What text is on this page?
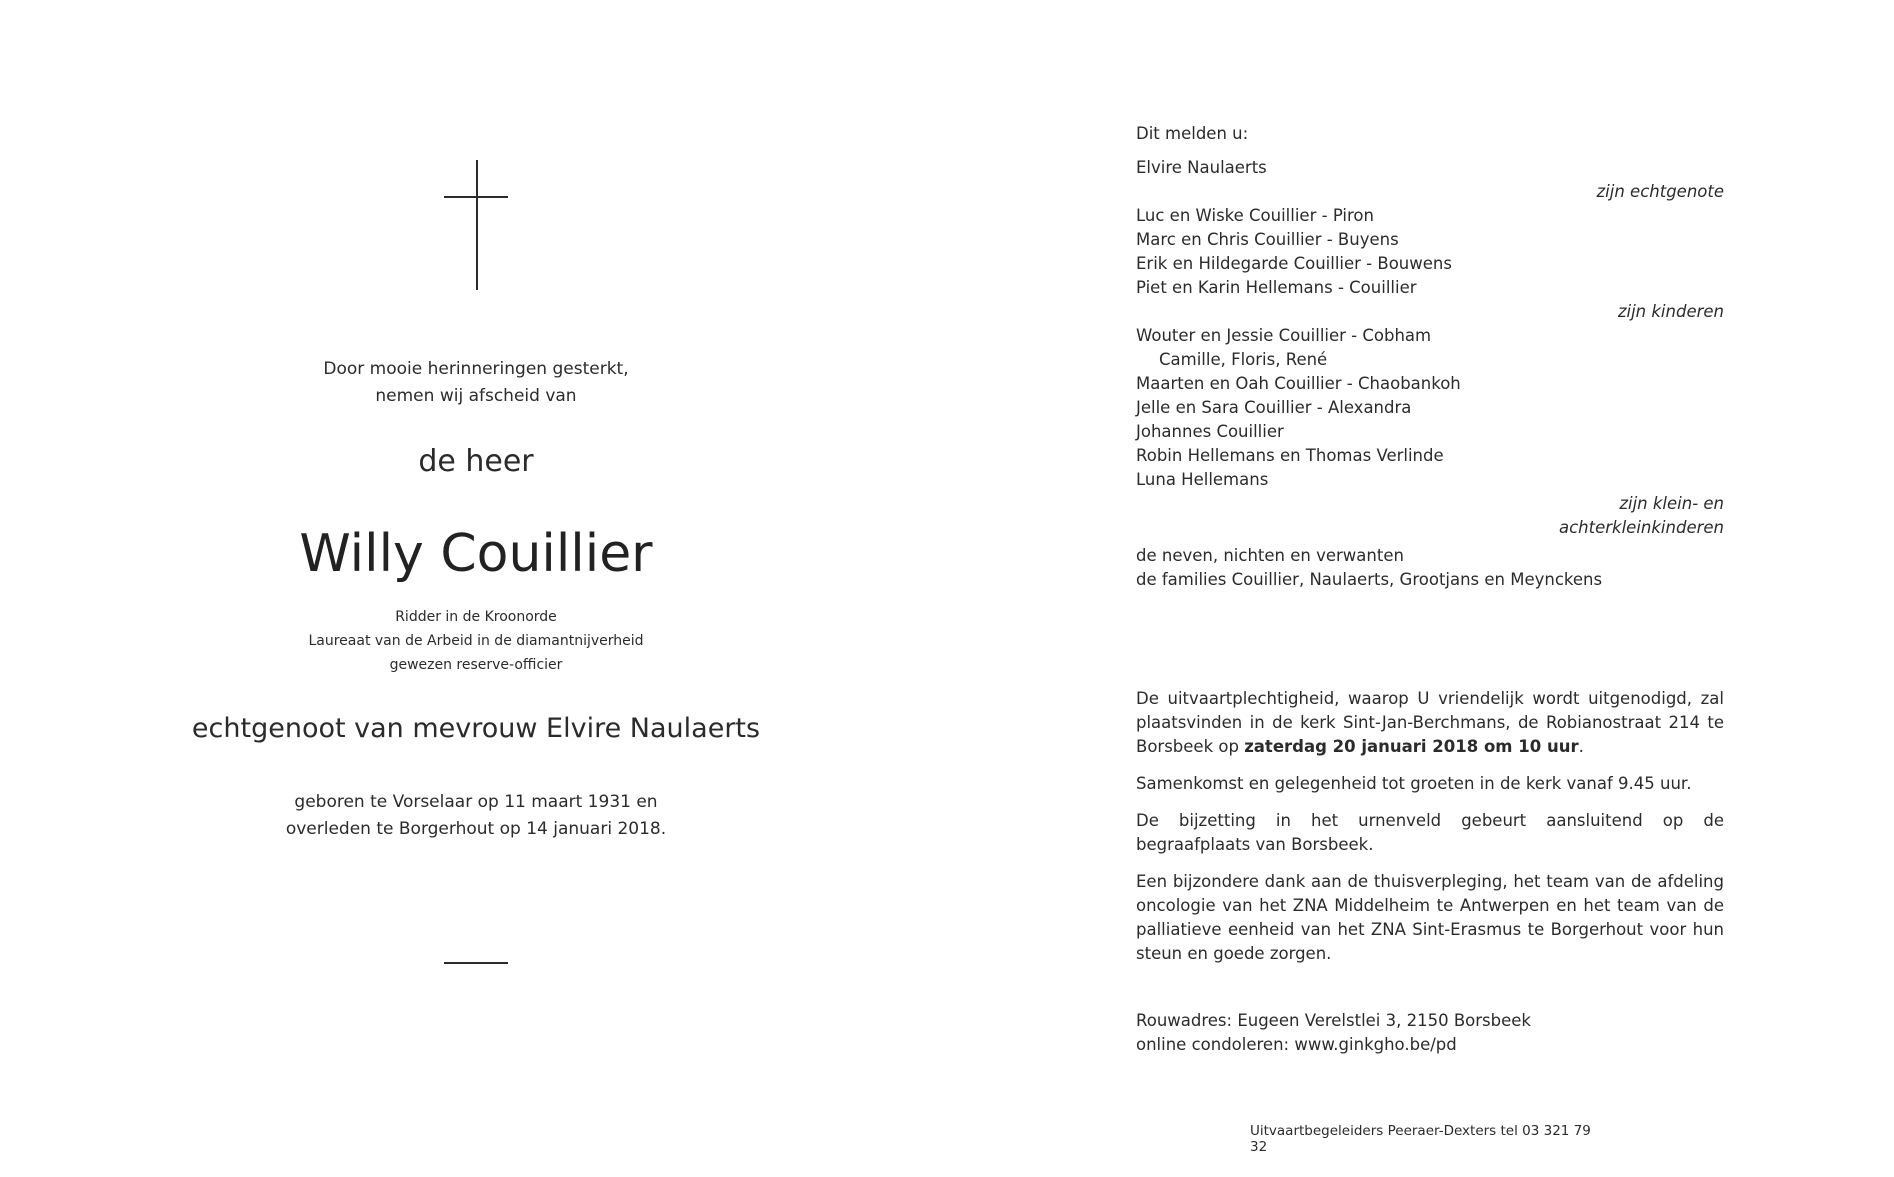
Door mooie herinneringen gesterkt,
nemen wij afscheid van
de heer
Willy Couillier
Ridder in de Kroonorde
Laureaat van de Arbeid in de diamantnijverheid
gewezen reserve-officier
echtgenoot van mevrouw Elvire Naulaerts
geboren te Vorselaar op 11 maart 1931 en
overleden te Borgerhout op 14 januari 2018.
Dit melden u:
Elvire Naulaerts
zijn echtgenote
Luc en Wiske Couillier - Piron
Marc en Chris Couillier - Buyens
Erik en Hildegarde Couillier - Bouwens
Piet en Karin Hellemans - Couillier
zijn kinderen
Wouter en Jessie Couillier - Cobham
Camille, Floris, René
Maarten en Oah Couillier - Chaobankoh
Jelle en Sara Couillier - Alexandra
Johannes Couillier
Robin Hellemans en Thomas Verlinde
Luna Hellemans
zijn klein- en
achterkleinkinderen
de neven, nichten en verwanten
de families Couillier, Naulaerts, Grootjans en Meynckens

De uitvaartplechtigheid, waarop U vriendelijk wordt uitgenodigd, zal plaatsvinden in de kerk Sint-Jan-Berchmans, de Robianostraat 214 te Borsbeek op zaterdag 20 januari 2018 om 10 uur.

Samenkomst en gelegenheid tot groeten in de kerk vanaf 9.45 uur.

De bijzetting in het urnenveld gebeurt aansluitend op de begraafplaats van Borsbeek.

Een bijzondere dank aan de thuisverpleging, het team van de afdeling oncologie van het ZNA Middelheim te Antwerpen en het team van de palliatieve eenheid van het ZNA Sint-Erasmus te Borgerhout voor hun steun en goede zorgen.

Rouwadres: Eugeen Verelstlei 3, 2150 Borsbeek
online condoleren: www.ginkgho.be/pd
Uitvaartbegeleiders Peeraer-Dexters tel 03 321 79 32
